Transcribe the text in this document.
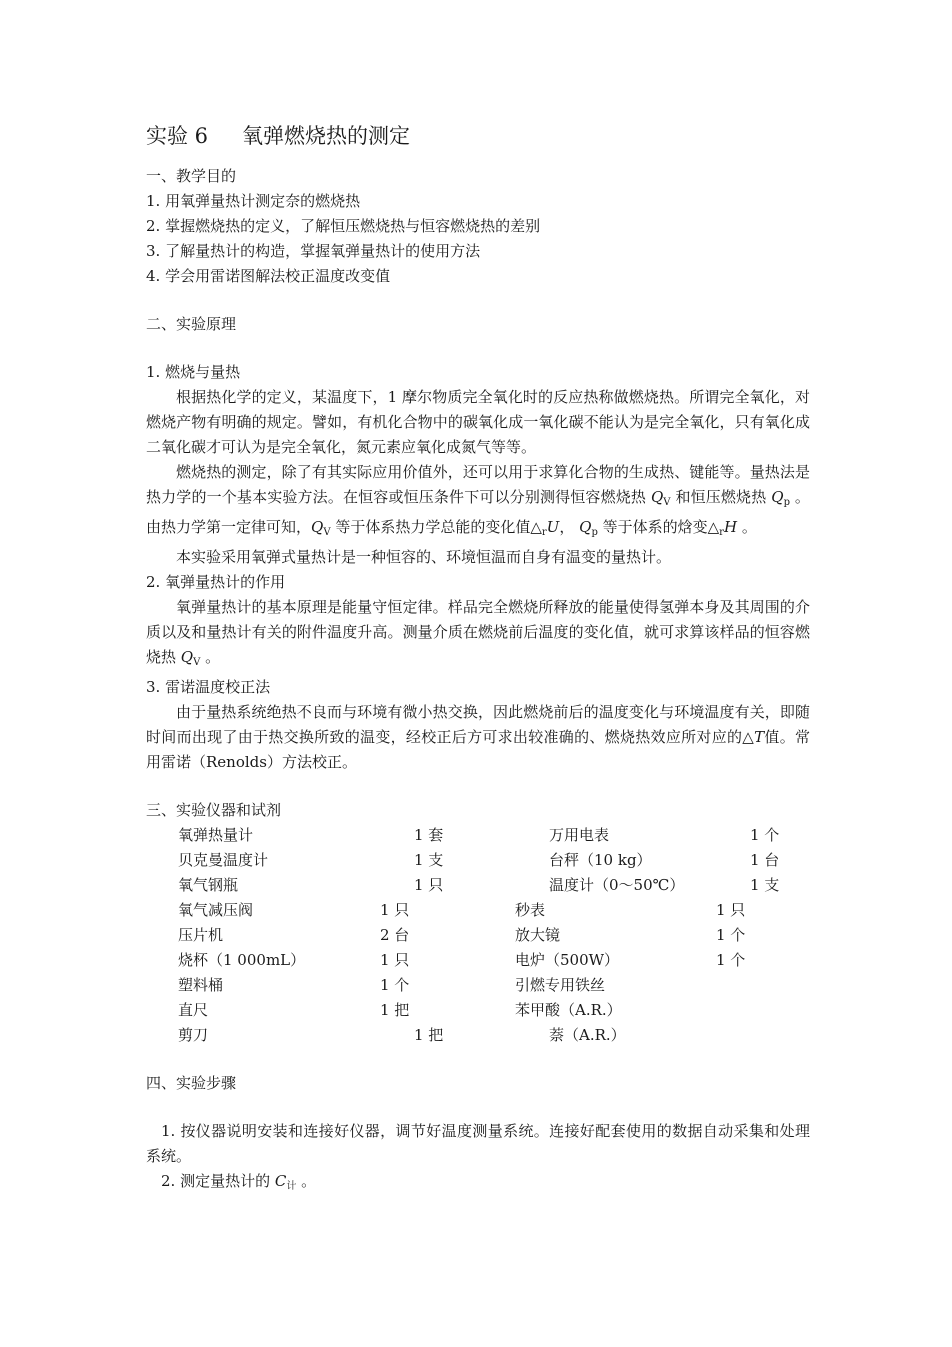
实验 6 氧弹燃烧热的测定
一、教学目的
1. 用氧弹量热计测定奈的燃烧热
2. 掌握燃烧热的定义，了解恒压燃烧热与恒容燃烧热的差别
3. 了解量热计的构造，掌握氧弹量热计的使用方法
4. 学会用雷诺图解法校正温度改变值
二、实验原理
1. 燃烧与量热
根据热化学的定义，某温度下，1 摩尔物质完全氧化时的反应热称做燃烧热。所谓完全氧化，对燃烧产物有明确的规定。譬如，有机化合物中的碳氧化成一氧化碳不能认为是完全氧化，只有氧化成二氧化碳才可认为是完全氧化，氮元素应氧化成氮气等等。
燃烧热的测定，除了有其实际应用价值外，还可以用于求算化合物的生成热、键能等。量热法是热力学的一个基本实验方法。在恒容或恒压条件下可以分别测得恒容燃烧热 $Q_V$ 和恒压燃烧热 $Q_p$ 。由热力学第一定律可知，$Q_V$ 等于体系热力学总能的变化值$\triangle_rU$， $Q_p$ 等于体系的焓变$\triangle_rH$ 。
本实验采用氧弹式量热计是一种恒容的、环境恒温而自身有温变的量热计。
2. 氧弹量热计的作用
氧弹量热计的基本原理是能量守恒定律。样品完全燃烧所释放的能量使得氢弹本身及其周围的介质以及和量热计有关的附件温度升高。测量介质在燃烧前后温度的变化值，就可求算该样品的恒容燃烧热 $Q_V$ 。
3. 雷诺温度校正法
由于量热系统绝热不良而与环境有微小热交换，因此燃烧前后的温度变化与环境温度有关，即随时间而出现了由于热交换所致的温变，经校正后方可求出较准确的、燃烧热效应所对应的△T值。常用雷诺（Renolds）方法校正。
三、实验仪器和试剂
氧弹热量计	1 套	万用电表	1 个
贝克曼温度计	1 支	台秤（10 kg）	1 台
氧气钢瓶	1 只	温度计（0～50℃）	1 支
氧气减压阀	1 只	秒表	1 只
压片机	2 台	放大镜	1 个
烧杯（1 000mL）	1 只	电炉（500W）	1 个
塑料桶	1 个	引燃专用铁丝
直尺	1 把	苯甲酸（A.R.）
剪刀	1 把	萘（A.R.）
四、实验步骤
1. 按仪器说明安装和连接好仪器，调节好温度测量系统。连接好配套使用的数据自动采集和处理系统。
2. 测定量热计的 $C_计$ 。
